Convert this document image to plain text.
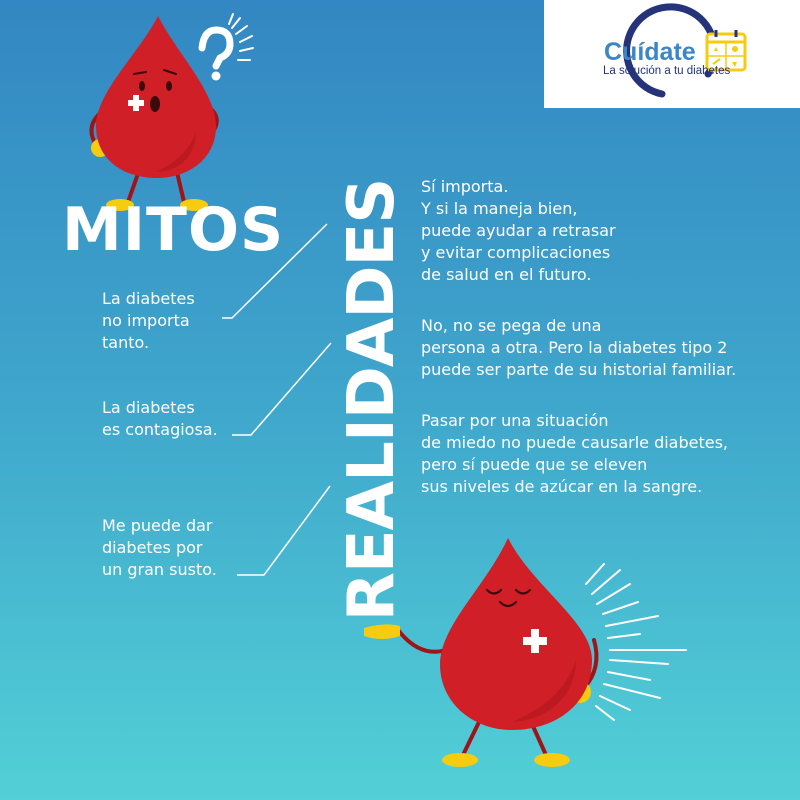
Cuídate
La solución a tu diabetes
MITOS REALIDADES

La diabetes
no importa
tanto.

La diabetes
es contagiosa.

Me puede dar
diabetes por
un gran susto.

Sí importa.
Y si la maneja bien,
puede ayudar a retrasar
y evitar complicaciones
de salud en el futuro.

No, no se pega de una
persona a otra. Pero la diabetes tipo 2
puede ser parte de su historial familiar.

Pasar por una situación
de miedo no puede causarle diabetes,
pero sí puede que se eleven
sus niveles de azúcar en la sangre.
